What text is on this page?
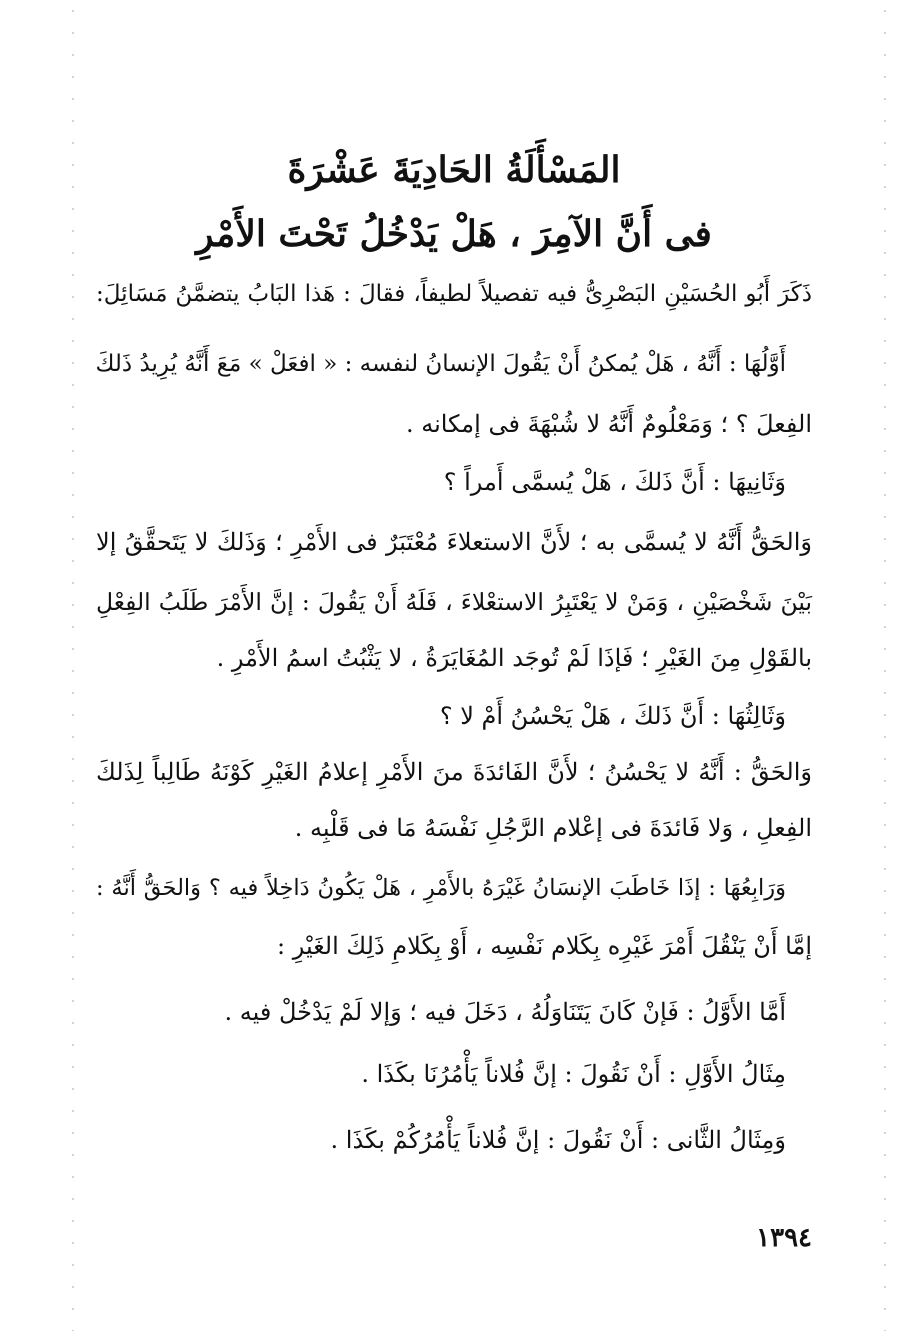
المَسْأَلَةُ الحَادِيَةَ عَشْرَةَ
فى أَنَّ الآمِرَ ، هَلْ يَدْخُلُ تَحْتَ الأَمْرِ
ذَكَرَ أَبُو الحُسَيْنِ البَصْرِىُّ فيه تفصيلاً لطيفاً، فقالَ : هَذا البَابُ يتضمَّنُ مَسَائِلَ:
أَوَّلُهَا : أَنَّهُ ، هَلْ يُمكنُ أَنْ يَقُولَ الإنسانُ لنفسه : « افعَلْ » مَعَ أَنَّهُ يُرِيدُ ذَلكَ
الفِعلَ ؟ ؛ وَمَعْلُومٌ أَنَّهُ لا شُبْهَةَ فى إمكانه .
وَثَانِيهَا : أَنَّ ذَلكَ ، هَلْ يُسمَّى أَمراً ؟
وَالحَقُّ أَنَّهُ لا يُسمَّى به ؛ لأَنَّ الاستعلاءَ مُعْتَبَرٌ فى الأَمْرِ ؛ وَذَلكَ لا يَتَحقَّقُ إلا
بَيْنَ شَخْصَيْنِ ، وَمَنْ لا يَعْتَبِرُ الاستعْلاءَ ، فَلَهُ أَنْ يَقُولَ : إنَّ الأَمْرَ طَلَبُ الفِعْلِ
بالقَوْلِ مِنَ الغَيْرِ ؛ فَإذَا لَمْ تُوجَد المُغَايَرَةُ ، لا يَثْبُتُ اسمُ الأَمْرِ .
وَثَالِثُهَا : أَنَّ ذَلكَ ، هَلْ يَحْسُنُ أَمْ لا ؟
وَالحَقُّ : أَنَّهُ لا يَحْسُنُ ؛ لأَنَّ الفَائدَةَ منَ الأَمْرِ إعلامُ الغَيْرِ كَوْنَهُ طَالِباً لِذَلكَ
الفِعلِ ، وَلا فَائدَةَ فى إعْلام الرَّجُلِ نَفْسَهُ مَا فى قَلْبِه .
وَرَابِعُهَا : إذَا خَاطَبَ الإنسَانُ غَيْرَهُ بالأَمْرِ ، هَلْ يَكُونُ دَاخِلاً فيه ؟ وَالحَقُّ أَنَّهُ :
إمَّا أَنْ يَنْقُلَ أَمْرَ غَيْرِه بِكَلام نَفْسِه ، أَوْ بِكَلامِ ذَلِكَ الغَيْرِ :
أَمَّا الأَوَّلُ : فَإنْ كَانَ يَتَنَاوَلُهُ ، دَخَلَ فيه ؛ وَإلا لَمْ يَدْخُلْ فيه .
مِثَالُ الأَوَّلِ : أَنْ نَقُولَ : إنَّ فُلاناً يَأْمُرُنَا بكَذَا .
وَمِثَالُ الثَّانى : أَنْ نَقُولَ : إنَّ فُلاناً يَأْمُرُكُمْ بكَذَا .
١٣٩٤
